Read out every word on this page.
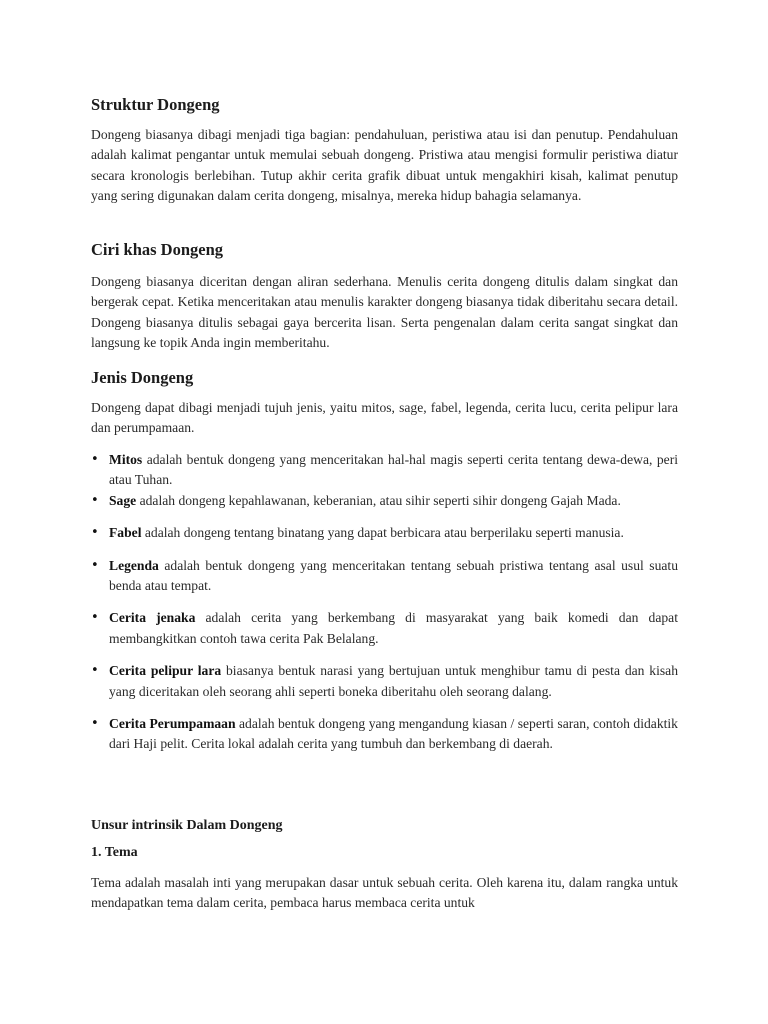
Struktur Dongeng

Dongeng biasanya dibagi menjadi tiga bagian: pendahuluan, peristiwa atau isi dan penutup. Pendahuluan adalah kalimat pengantar untuk memulai sebuah dongeng. Pristiwa atau mengisi formulir peristiwa diatur secara kronologis berlebihan. Tutup akhir cerita grafik dibuat untuk mengakhiri kisah, kalimat penutup yang sering digunakan dalam cerita dongeng, misalnya, mereka hidup bahagia selamanya.

Ciri khas Dongeng

Dongeng biasanya diceritan dengan aliran sederhana. Menulis cerita dongeng ditulis dalam singkat dan bergerak cepat. Ketika menceritakan atau menulis karakter dongeng biasanya tidak diberitahu secara detail. Dongeng biasanya ditulis sebagai gaya bercerita lisan. Serta pengenalan dalam cerita sangat singkat dan langsung ke topik Anda ingin memberitahu.

Jenis Dongeng

Dongeng dapat dibagi menjadi tujuh jenis, yaitu mitos, sage, fabel, legenda, cerita lucu, cerita pelipur lara dan perumpamaan.

• Mitos adalah bentuk dongeng yang menceritakan hal-hal magis seperti cerita tentang dewa-dewa, peri atau Tuhan.
• Sage adalah dongeng kepahlawanan, keberanian, atau sihir seperti sihir dongeng Gajah Mada.
• Fabel adalah dongeng tentang binatang yang dapat berbicara atau berperilaku seperti manusia.
• Legenda adalah bentuk dongeng yang menceritakan tentang sebuah pristiwa tentang asal usul suatu benda atau tempat.
• Cerita jenaka adalah cerita yang berkembang di masyarakat yang baik komedi dan dapat membangkitkan contoh tawa cerita Pak Belalang.
• Cerita pelipur lara biasanya bentuk narasi yang bertujuan untuk menghibur tamu di pesta dan kisah yang diceritakan oleh seorang ahli seperti boneka diberitahu oleh seorang dalang.
• Cerita Perumpamaan adalah bentuk dongeng yang mengandung kiasan / seperti saran, contoh didaktik dari Haji pelit. Cerita lokal adalah cerita yang tumbuh dan berkembang di daerah.
Unsur intrinsik Dalam Dongeng
1. Tema

Tema adalah masalah inti yang merupakan dasar untuk sebuah cerita. Oleh karena itu, dalam rangka untuk mendapatkan tema dalam cerita, pembaca harus membaca cerita untuk
